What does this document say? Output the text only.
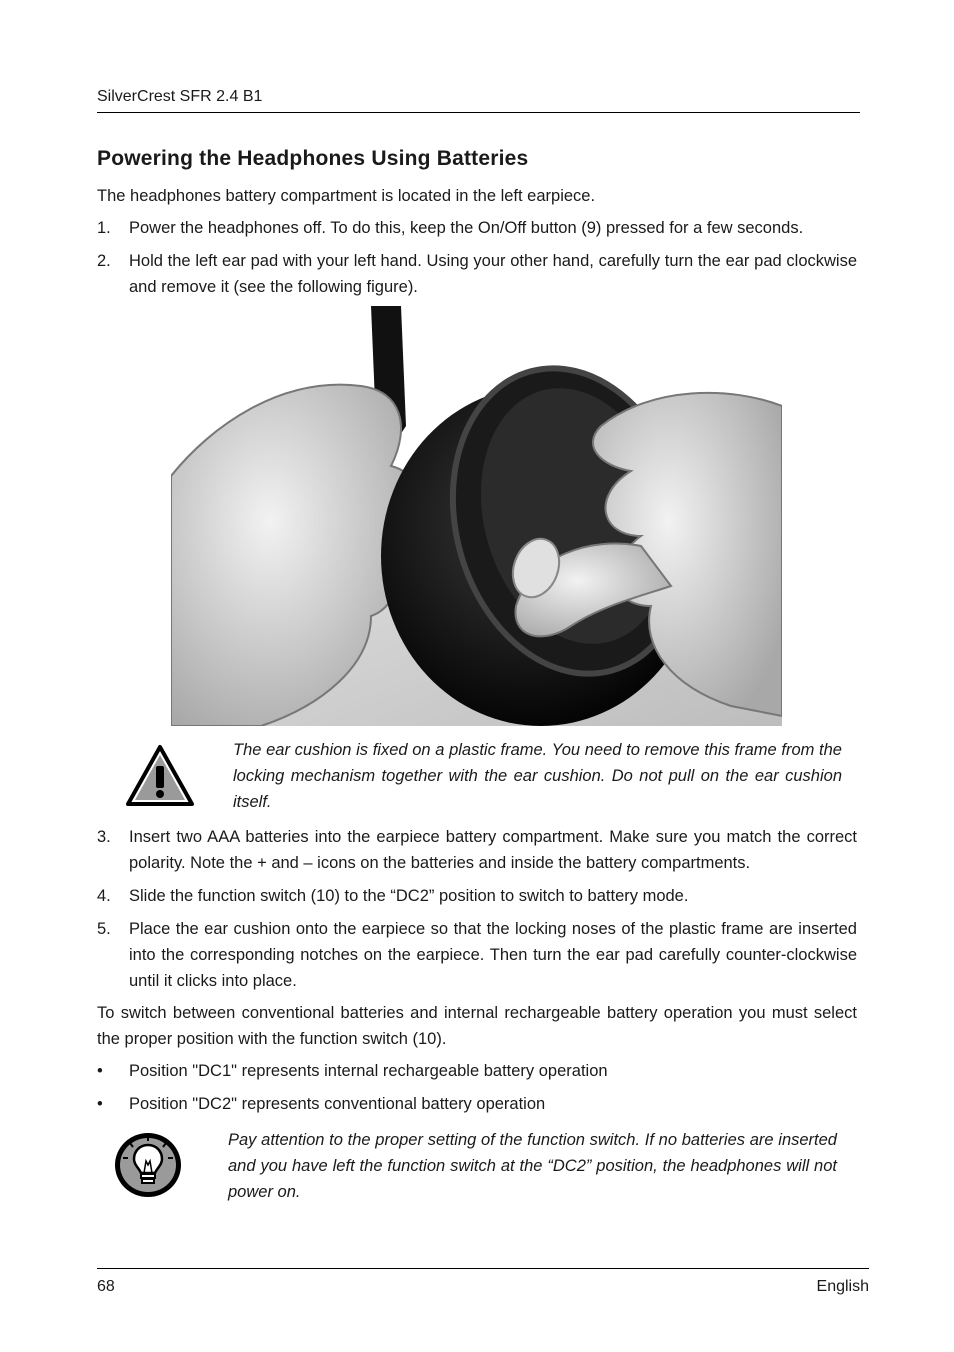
SilverCrest SFR 2.4 B1
Powering the Headphones Using Batteries

The headphones battery compartment is located in the left earpiece.

1.	Power the headphones off. To do this, keep the On/Off button (9) pressed for a few seconds.
2.	Hold the left ear pad with your left hand. Using your other hand, carefully turn the ear pad clockwise and remove it (see the following figure).
The ear cushion is fixed on a plastic frame. You need to remove this frame from the locking mechanism together with the ear cushion. Do not pull on the ear cushion itself.
3.	Insert two AAA batteries into the earpiece battery compartment. Make sure you match the correct polarity. Note the + and – icons on the batteries and inside the battery compartments.
4.	Slide the function switch (10) to the “DC2” position to switch to battery mode.
5.	Place the ear cushion onto the earpiece so that the locking noses of the plastic frame are inserted into the corresponding notches on the earpiece. Then turn the ear pad carefully counter-clockwise until it clicks into place.

To switch between conventional batteries and internal rechargeable battery operation you must select the proper position with the function switch (10).

•	Position "DC1" represents internal rechargeable battery operation
•	Position "DC2" represents conventional battery operation
Pay attention to the proper setting of the function switch. If no batteries are inserted and you have left the function switch at the “DC2” position, the headphones will not power on.
68	English
